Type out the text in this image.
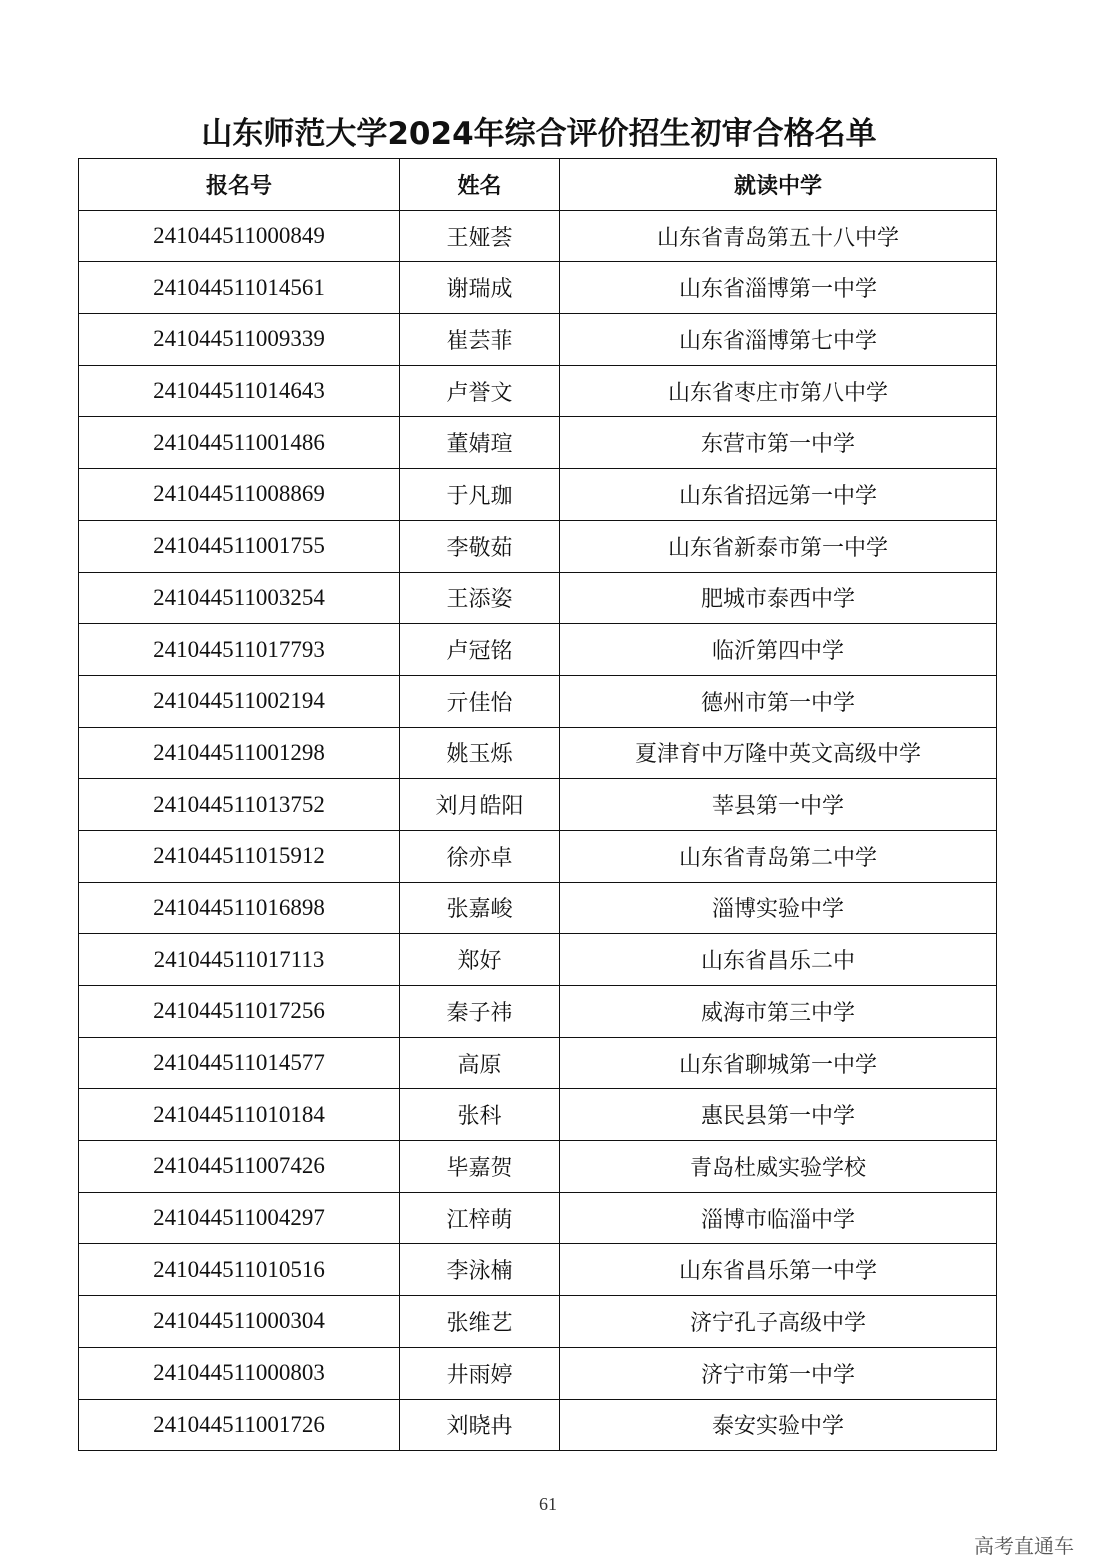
山东师范大学2024年综合评价招生初审合格名单
报名号	姓名	就读中学
241044511000849	王娅荟	山东省青岛第五十八中学
241044511014561	谢瑞成	山东省淄博第一中学
241044511009339	崔芸菲	山东省淄博第七中学
241044511014643	卢誉文	山东省枣庄市第八中学
241044511001486	董婧瑄	东营市第一中学
241044511008869	于凡珈	山东省招远第一中学
241044511001755	李敬茹	山东省新泰市第一中学
241044511003254	王添姿	肥城市泰西中学
241044511017793	卢冠铭	临沂第四中学
241044511002194	亓佳怡	德州市第一中学
241044511001298	姚玉烁	夏津育中万隆中英文高级中学
241044511013752	刘月皓阳	莘县第一中学
241044511015912	徐亦卓	山东省青岛第二中学
241044511016898	张嘉峻	淄博实验中学
241044511017113	郑好	山东省昌乐二中
241044511017256	秦子祎	威海市第三中学
241044511014577	高原	山东省聊城第一中学
241044511010184	张科	惠民县第一中学
241044511007426	毕嘉贺	青岛杜威实验学校
241044511004297	江梓萌	淄博市临淄中学
241044511010516	李泳楠	山东省昌乐第一中学
241044511000304	张维艺	济宁孔子高级中学
241044511000803	井雨婷	济宁市第一中学
241044511001726	刘晓冉	泰安实验中学
61
高考直通车
